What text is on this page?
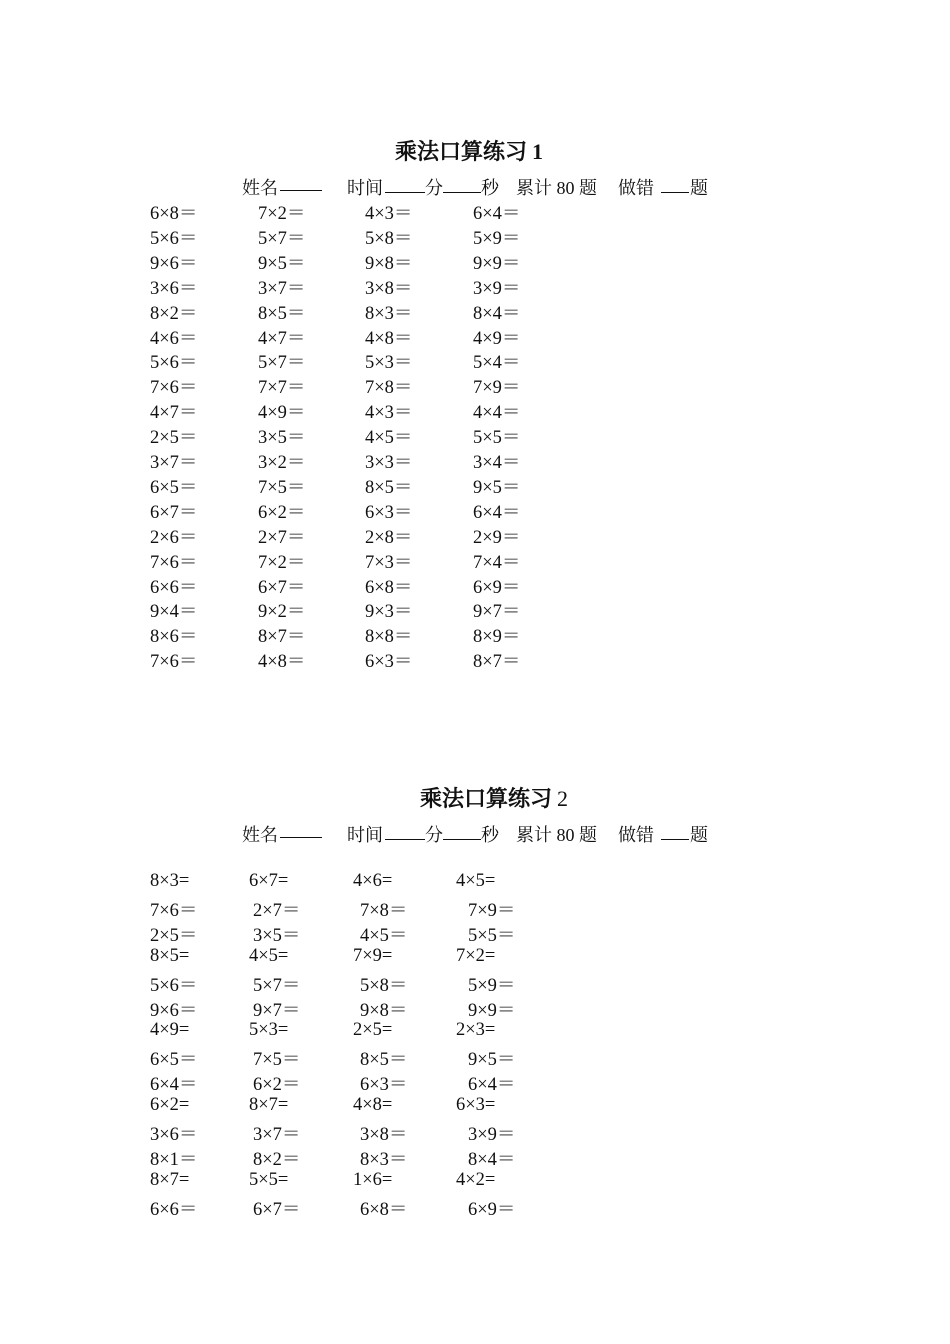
乘法口算练习 1
姓名	时间 分 秒 累计 80 题 做错 题
6×8＝	7×2＝	4×3＝	6×4＝
5×6＝	5×7＝	5×8＝	5×9＝
9×6＝	9×5＝	9×8＝	9×9＝
3×6＝	3×7＝	3×8＝	3×9＝
8×2＝	8×5＝	8×3＝	8×4＝
4×6＝	4×7＝	4×8＝	4×9＝
5×6＝	5×7＝	5×3＝	5×4＝
7×6＝	7×7＝	7×8＝	7×9＝
4×7＝	4×9＝	4×3＝	4×4＝
2×5＝	3×5＝	4×5＝	5×5＝
3×7＝	3×2＝	3×3＝	3×4＝
6×5＝	7×5＝	8×5＝	9×5＝
6×7＝	6×2＝	6×3＝	6×4＝
2×6＝	2×7＝	2×8＝	2×9＝
7×6＝	7×2＝	7×3＝	7×4＝
6×6＝	6×7＝	6×8＝	6×9＝
9×4＝	9×2＝	9×3＝	9×7＝
8×6＝	8×7＝	8×8＝	8×9＝
7×6＝	4×8＝	6×3＝	8×7＝
乘法口算练习 2
姓名	时间 分 秒 累计 80 题 做错 题
8×3=	6×7=	4×6=	4×5=
7×6＝	2×7＝	7×8＝	7×9＝
2×5＝	3×5＝	4×5＝	5×5＝
8×5=	4×5=	7×9=	7×2=
5×6＝	5×7＝	5×8＝	5×9＝
9×6＝	9×7＝	9×8＝	9×9＝
4×9=	5×3=	2×5=	2×3=
6×5＝	7×5＝	8×5＝	9×5＝
6×4＝	6×2＝	6×3＝	6×4＝
6×2=	8×7=	4×8=	6×3=
3×6＝	3×7＝	3×8＝	3×9＝
8×1＝	8×2＝	8×3＝	8×4＝
8×7=	5×5=	1×6=	4×2=
6×6＝	6×7＝	6×8＝	6×9＝
